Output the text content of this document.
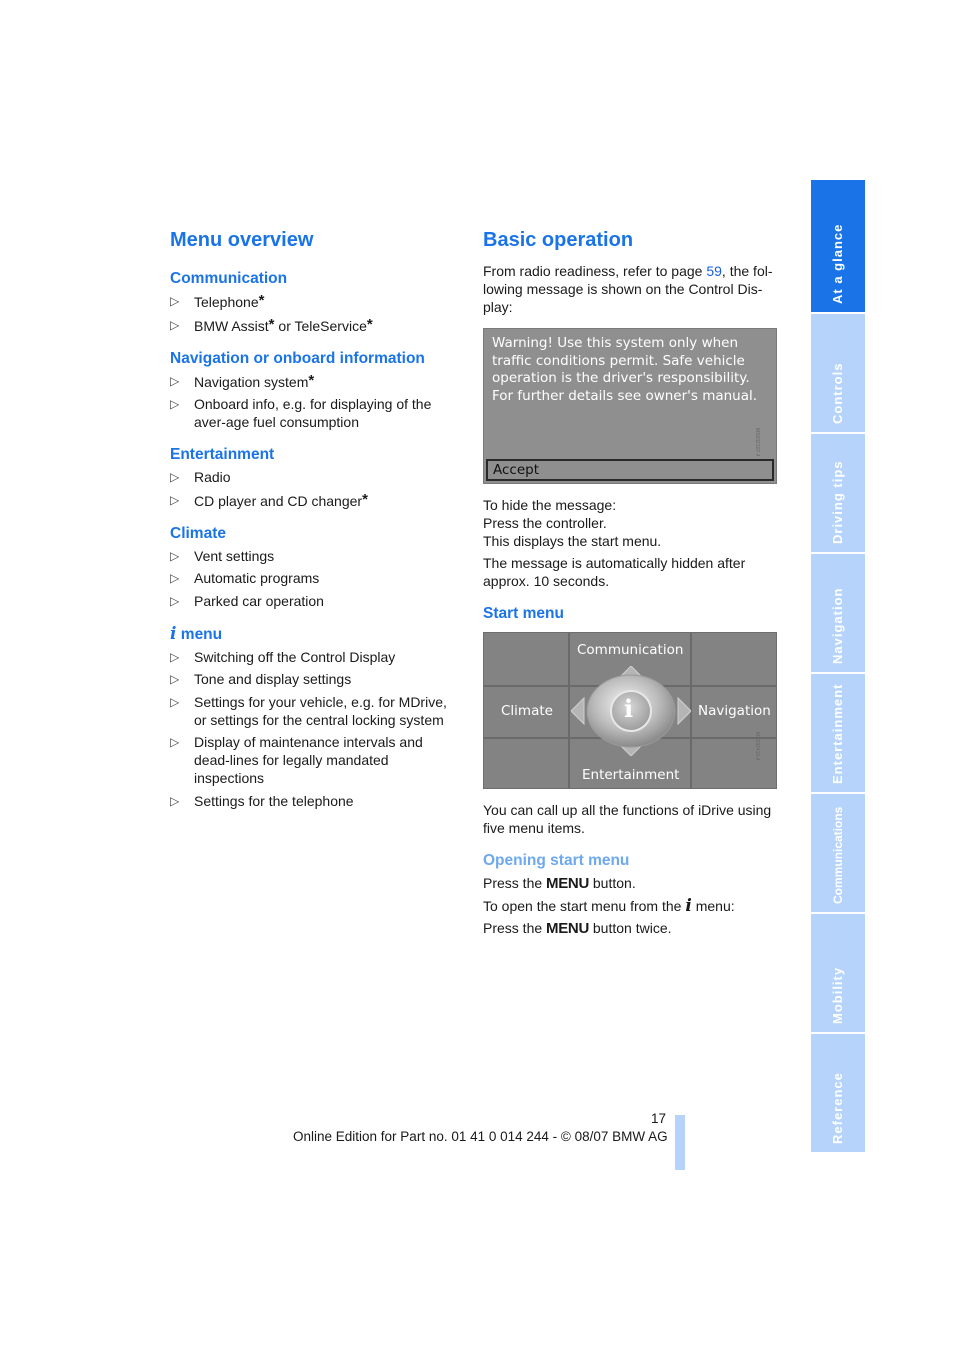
Menu overview
Communication
▷ Telephone*
▷ BMW Assist* or TeleService*
Navigation or onboard information
▷ Navigation system*
▷ Onboard info, e.g. for displaying of the aver-age fuel consumption
Entertainment
▷ Radio
▷ CD player and CD changer*
Climate
▷ Vent settings
▷ Automatic programs
▷ Parked car operation
i menu
▷ Switching off the Control Display
▷ Tone and display settings
▷ Settings for your vehicle, e.g. for MDrive, or settings for the central locking system
▷ Display of maintenance intervals and dead-lines for legally mandated inspections
▷ Settings for the telephone
Basic operation

From radio readiness, refer to page 59, the fol-lowing message is shown on the Control Dis-play:

Warning! Use this system only when
traffic conditions permit. Safe vehicle
operation is the driver's responsibility.
For further details see owner's manual.
Accept
MS032107-4

To hide the message:

Press the controller.

This displays the start menu.

The message is automatically hidden after approx. 10 seconds.

Start menu
i
Communication
Climate	Navigation
Entertainment
MS032410-4

You can call up all the functions of iDrive using five menu items.

Opening start menu

Press the MENU button.

To open the start menu from the i menu:

Press the MENU button twice.

At a glance
Controls
Driving tips
Navigation
Entertainment
Communications
Mobility
Reference
17
Online Edition for Part no. 01 41 0 014 244 - © 08/07 BMW AG
